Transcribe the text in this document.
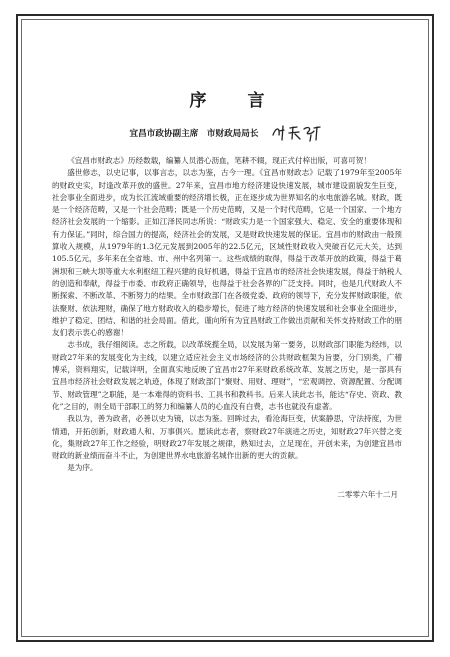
序　言
宜昌市政协副主席　市财政局局长

《宜昌市财政志》历经数载，编纂人员潜心沥血，笔耕不辍，现正式付梓出版，可喜可贺！

盛世修志，以史记事，以事言志，以志为鉴，古今一理。《宜昌市财政志》记载了1979年至2005年的财政史实，时逢改革开放的盛世。27年来，宜昌市地方经济建设快速发展，城市建设面貌发生巨变，社会事业全面进步，成为长江流域重要的经济增长极，正在逐步成为世界知名的水电旅游名城。财政，既是一个经济范畴，又是一个社会范畴；既是一个历史范畴，又是一个时代范畴，它是一个国家、一个地方经济社会发展的一个缩影。正如江泽民同志所说：“财政实力是一个国家强大、稳定、安全的重要体现和有力保证。”同时，综合国力的提高，经济社会的发展，又是财政快速发展的保证。宜昌市的财政由一般预算收入规模，从1979年的1.3亿元发展到2005年的22.5亿元，区域性财政收入突破百亿元大关，达到105.5亿元，多年来在全省地、市、州中名列第一。这些成绩的取得，得益于改革开放的政策，得益于葛洲坝和三峡大坝等重大水利枢纽工程兴建的良好机遇，得益于宜昌市的经济社会快速发展，得益于纳税人的创造和奉献，得益于市委、市政府正确领导，也得益于社会各界的广泛支持。同时，也是几代财政人不断探索、不断改革、不断努力的结果。全市财政部门在各级党委、政府的领导下，充分发挥财政职能，依法聚财、依法理财，确保了地方财政收入的稳步增长，促进了地方经济的快速发展和社会事业全面进步，维护了稳定、团结、和谐的社会局面。借此，谨向所有为宜昌财政工作做出贡献和关怀支持财政工作的朋友们表示衷心的感谢！

志书成，我仔细阅读。志之所载，以改革统揽全局，以发展为第一要务，以财政部门职能为经纬，以财政27年来的发展变化为主线，以建立适应社会主义市场经济的公共财政框架为旨要，分门别类，广稽博采，资料翔实，记载详明，全面真实地反映了宜昌市27年来财政系统改革、发展之历史，是一部具有宜昌市经济社会财政发展之轨迹，体现了财政部门“聚财、用财、理财”，“宏观调控、资源配置、分配调节、财政管理”之职能，是一本难得的资料书、工具书和教科书。后来人读此志书，能达“存史、资政、教化”之目的，则全局干部职工的努力和编纂人员的心血没有白费，志书也就没有虚著。

我以为，善为政者，必善以史为镜，以志为鉴。回眸过去，看沧海巨变，伏案静思，守法持度，为世情通，开拓创新，财政通人和、万事俱兴。愿读此志者，察财政27年演进之历史，知财政27年兴替之变化，集财政27年工作之经验，明财政27年发展之规律，熟知过去，立足现在，开创未来，为创建宜昌市财政的新业绩而奋斗不止，为创建世界水电旅游名城作出新的更大的贡献。

是为序。

二零零六年十二月
